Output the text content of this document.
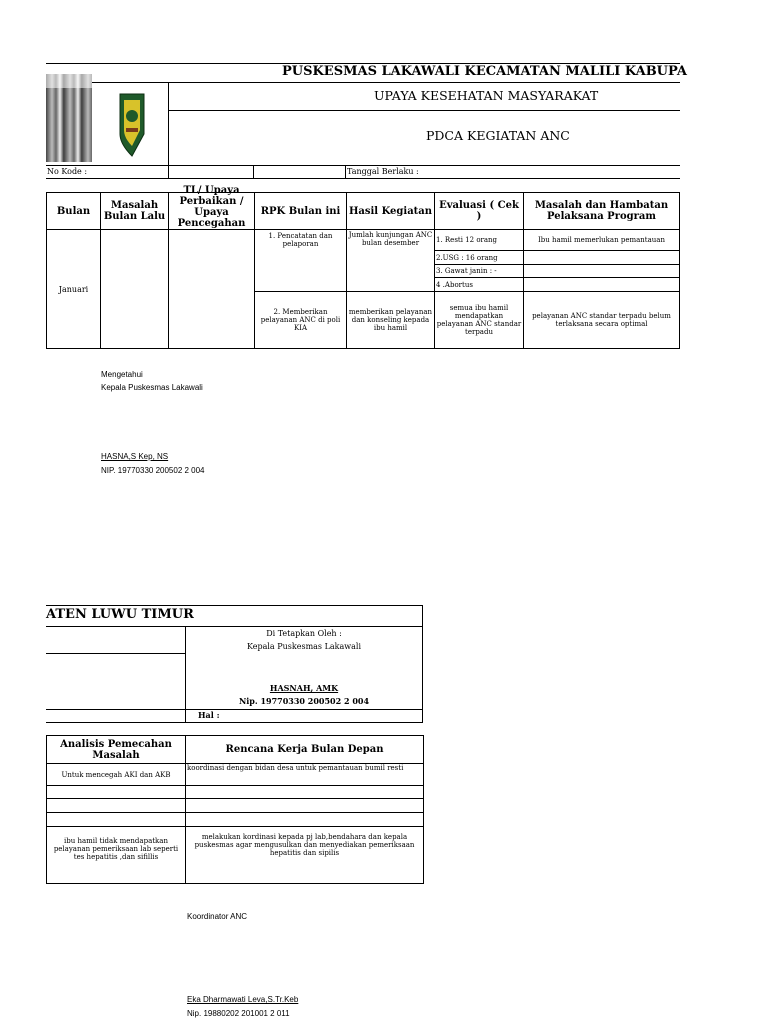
PUSKESMAS LAKAWALI KECAMATAN MALILI KABUPA
UPAYA KESEHATAN MASYARAKAT
PDCA KEGIATAN ANC
No Kode :	Tanggal Berlaku :
Bulan	Masalah Bulan Lalu	TL/ Upaya Perbaikan / Upaya Pencegahan	RPK Bulan ini	Hasil Kegiatan	Evaluasi ( Cek )	Masalah dan Hambatan Pelaksana Program
Januari			1. Pencatatan dan pelaporan	Jumlah kunjungan ANC bulan desember	1. Resti 12 orang	Ibu hamil memerlukan pemantauan
					2.USG : 16 orang	
					3. Gawat janin : -	
					4 .Abortus	
			2. Memberikan pelayanan ANC di poli KIA	memberikan pelayanan dan konseling kepada ibu hamil	semua ibu hamil mendapatkan pelayanan ANC standar terpadu	pelayanan ANC standar terpadu belum terlaksana secara optimal
Mengetahui
Kepala Puskesmas Lakawali
HASNA,S Kep, NS
NIP. 19770330 200502 2 004
ATEN LUWU TIMUR
Di Tetapkan Oleh :
Kepala Puskesmas Lakawali
HASNAH, AMK
Nip. 19770330 200502 2 004
Hal :
Analisis Pemecahan Masalah	Rencana Kerja Bulan Depan
Untuk mencegah AKI dan AKB	koordinasi dengan bidan desa untuk pemantauan bumil resti

ibu hamil tidak mendapatkan pelayanan pemeriksaan lab seperti tes hepatitis ,dan sifillis	melakukan kordinasi kepada pj lab,bendahara dan kepala puskesmas agar mengusulkan dan menyediakan pemeriksaan hepatitis dan sipilis
Koordinator ANC
Eka Dharmawati Leva,S.Tr.Keb
Nip. 19880202 201001 2 011
